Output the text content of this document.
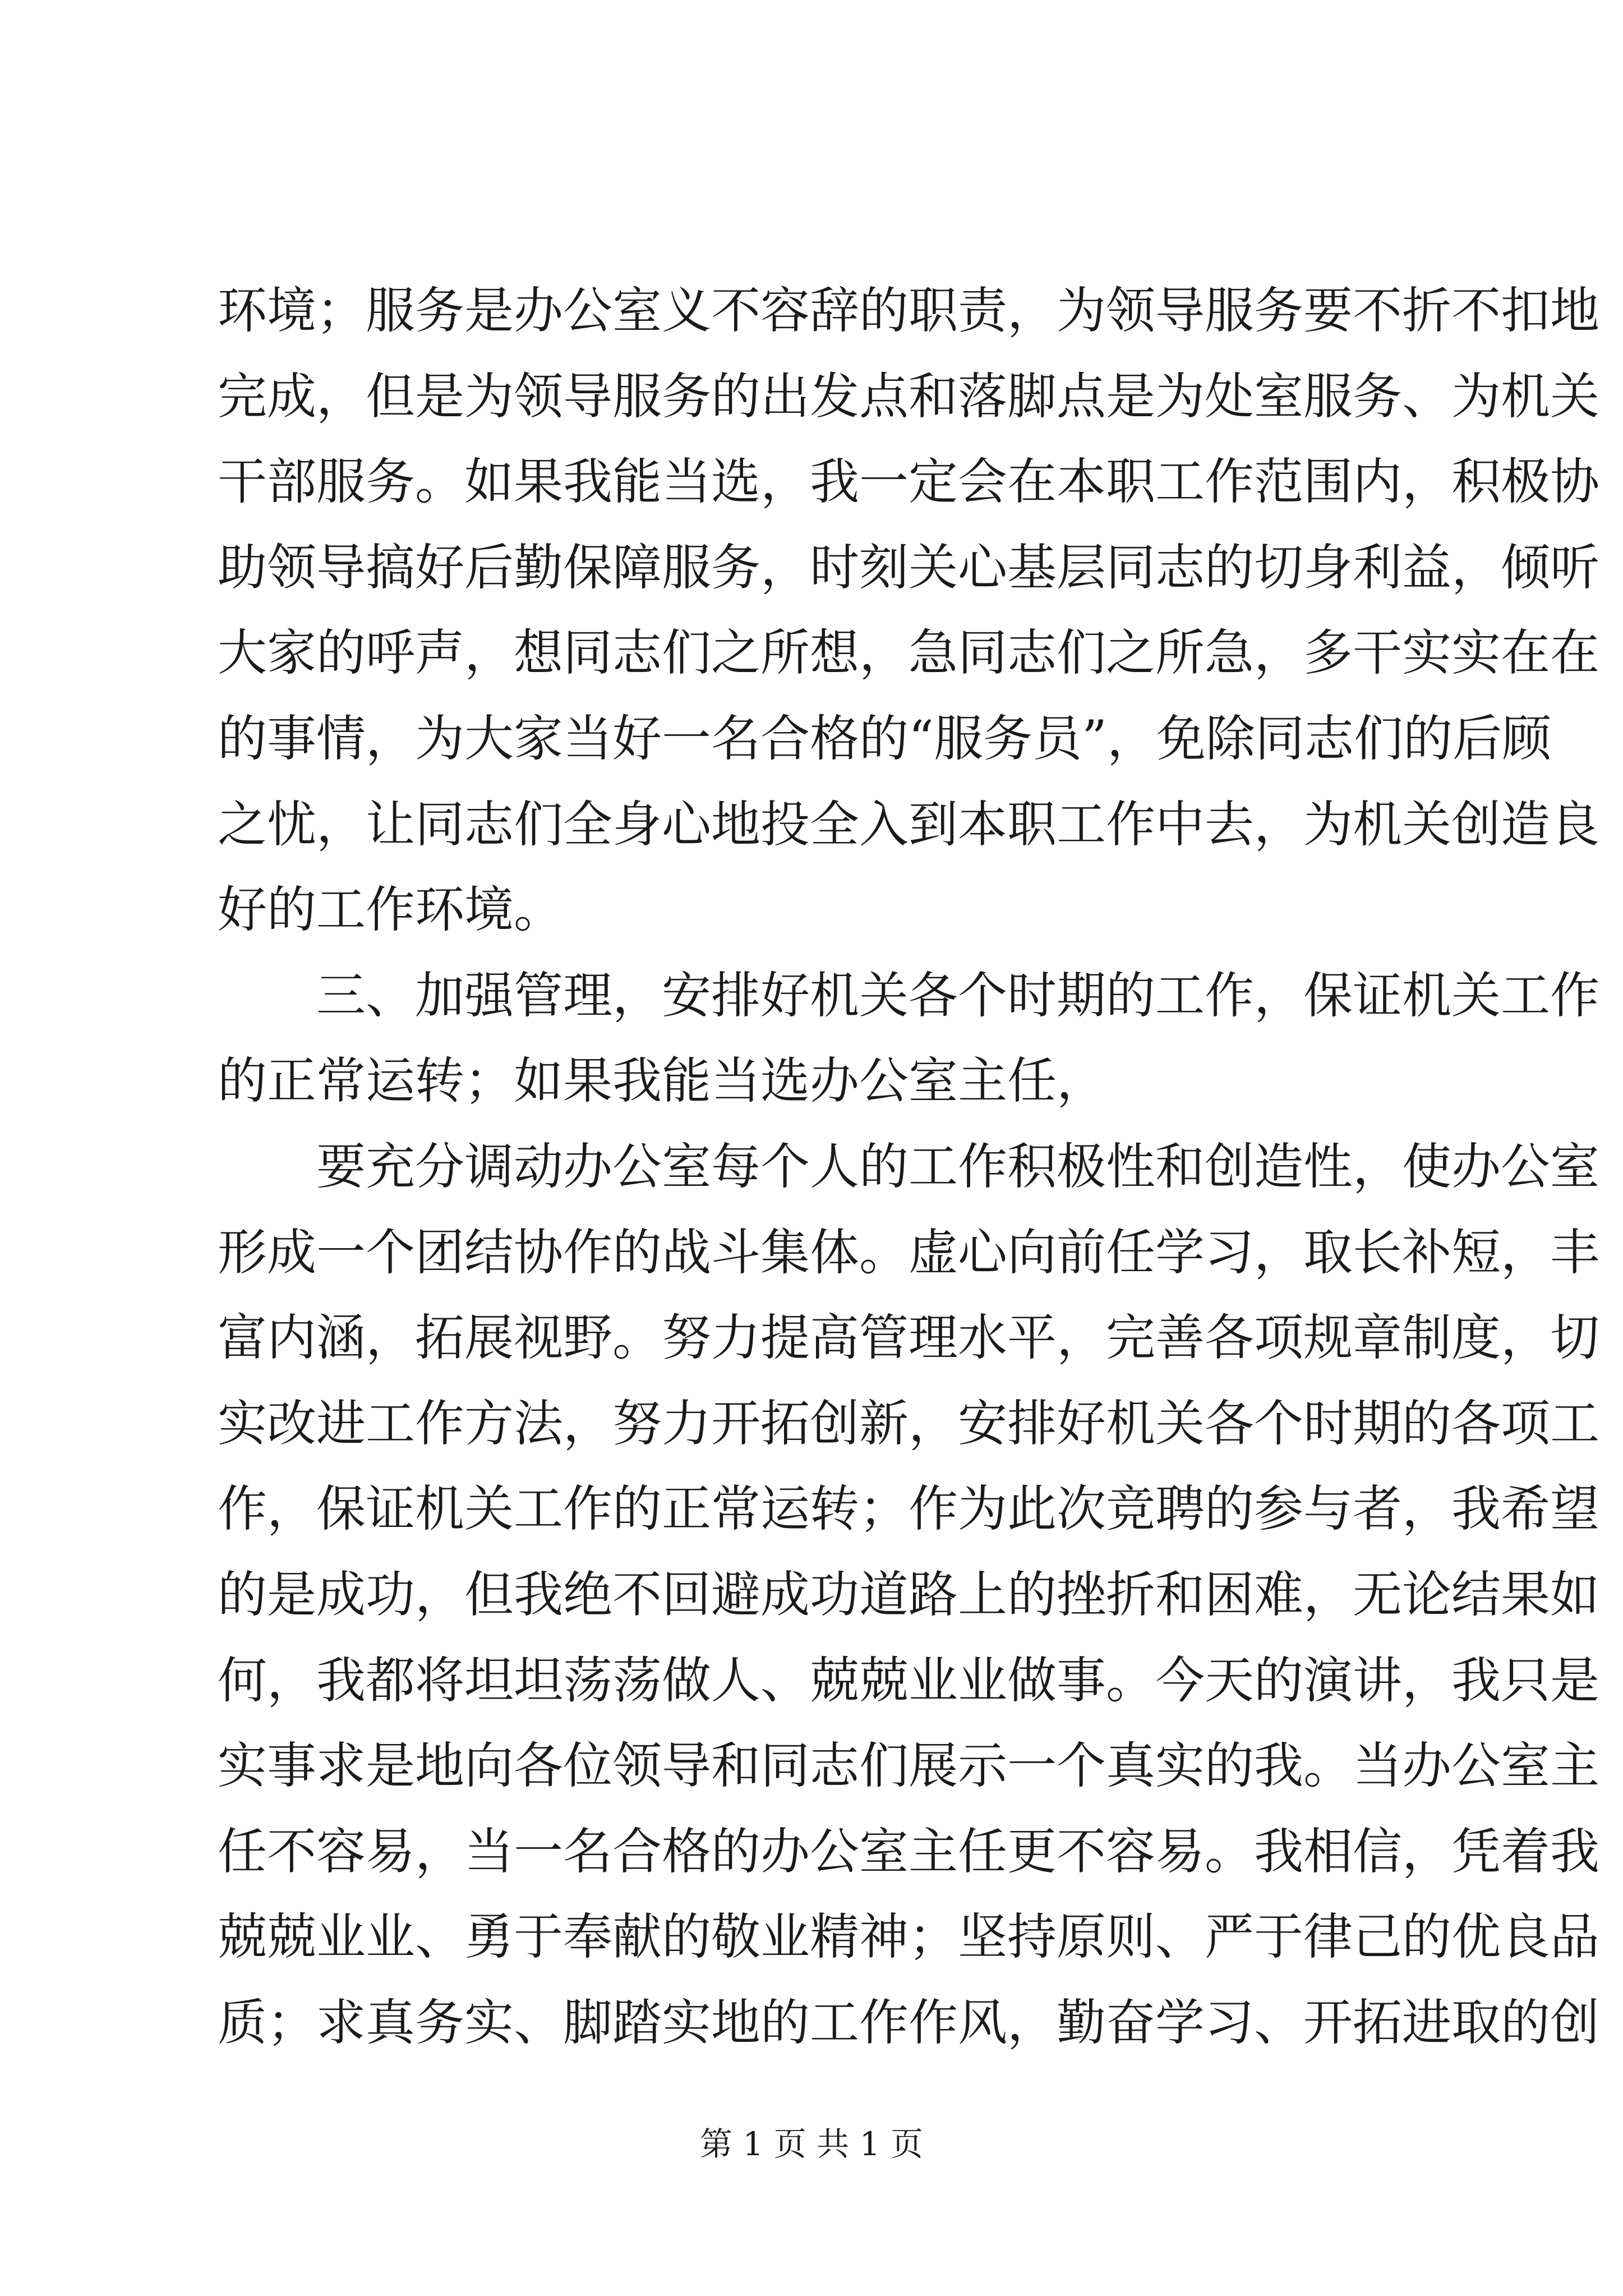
环境；服务是办公室义不容辞的职责，为领导服务要不折不扣地
完成，但是为领导服务的出发点和落脚点是为处室服务、为机关
干部服务。如果我能当选，我一定会在本职工作范围内，积极协
助领导搞好后勤保障服务，时刻关心基层同志的切身利益，倾听
大家的呼声，想同志们之所想，急同志们之所急，多干实实在在
的事情，为大家当好一名合格的“服务员”，免除同志们的后顾
之忧，让同志们全身心地投全入到本职工作中去，为机关创造良
好的工作环境。
三、加强管理，安排好机关各个时期的工作，保证机关工作
的正常运转；如果我能当选办公室主任，
要充分调动办公室每个人的工作积极性和创造性，使办公室
形成一个团结协作的战斗集体。虚心向前任学习，取长补短，丰
富内涵，拓展视野。努力提高管理水平，完善各项规章制度，切
实改进工作方法，努力开拓创新，安排好机关各个时期的各项工
作，保证机关工作的正常运转；作为此次竞聘的参与者，我希望
的是成功，但我绝不回避成功道路上的挫折和困难，无论结果如
何，我都将坦坦荡荡做人、兢兢业业做事。今天的演讲，我只是
实事求是地向各位领导和同志们展示一个真实的我。当办公室主
任不容易，当一名合格的办公室主任更不容易。我相信，凭着我
兢兢业业、勇于奉献的敬业精神；坚持原则、严于律己的优良品
质；求真务实、脚踏实地的工作作风，勤奋学习、开拓进取的创
第 1 页 共 1 页
